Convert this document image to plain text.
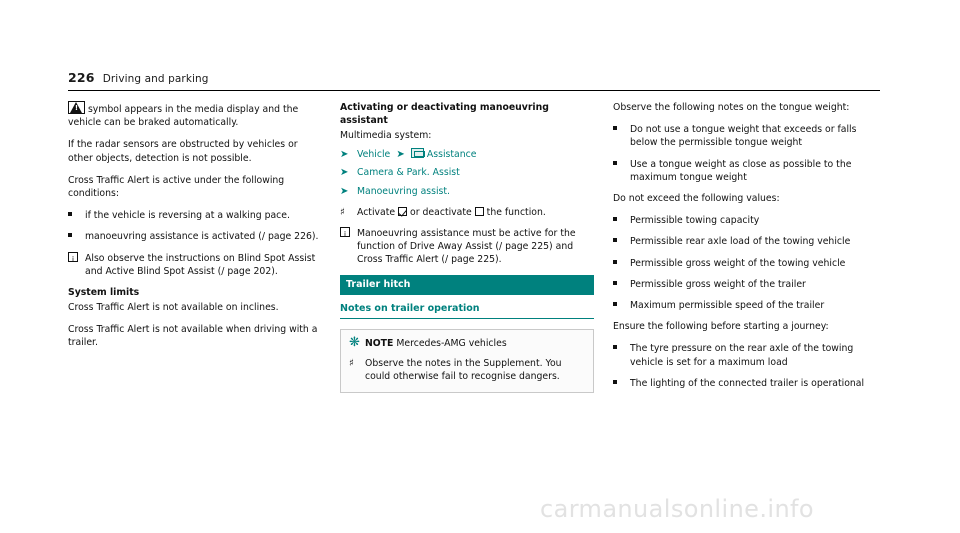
226 Driving and parking

! symbol appears in the media display and the vehicle can be braked automatically.

If the radar sensors are obstructed by vehicles or other objects, detection is not possible.

Cross Traffic Alert is active under the following conditions:

if the vehicle is reversing at a walking pace.
manoeuvring assistance is activated (/ page 226).
i	Also observe the instructions on Blind Spot Assist and Active Blind Spot Assist (/ page 202).

System limits

Cross Traffic Alert is not available on inclines.

Cross Traffic Alert is not available when driving with a trailer.

Activating or deactivating manoeuvring assistant

Multimedia system:

➤ Vehicle  ➤   Assistance
➤ Camera & Park. Assist
➤ Manoeuvring assist.
♯	Activate or deactivate the function.
i	Manoeuvring assistance must be active for the function of Drive Away Assist (/ page 225) and Cross Traffic Alert (/ page 225).
Trailer hitch
Notes on trailer operation
❋ NOTE Mercedes-AMG vehicles
♯	Observe the notes in the Supplement. You could otherwise fail to recognise dangers.

Observe the following notes on the tongue weight:

Do not use a tongue weight that exceeds or falls below the permissible tongue weight
Use a tongue weight as close as possible to the maximum tongue weight

Do not exceed the following values:

Permissible towing capacity
Permissible rear axle load of the towing vehicle
Permissible gross weight of the towing vehicle
Permissible gross weight of the trailer
Maximum permissible speed of the trailer

Ensure the following before starting a journey:

The tyre pressure on the rear axle of the towing vehicle is set for a maximum load
The lighting of the connected trailer is operational
carmanualsonline.info
